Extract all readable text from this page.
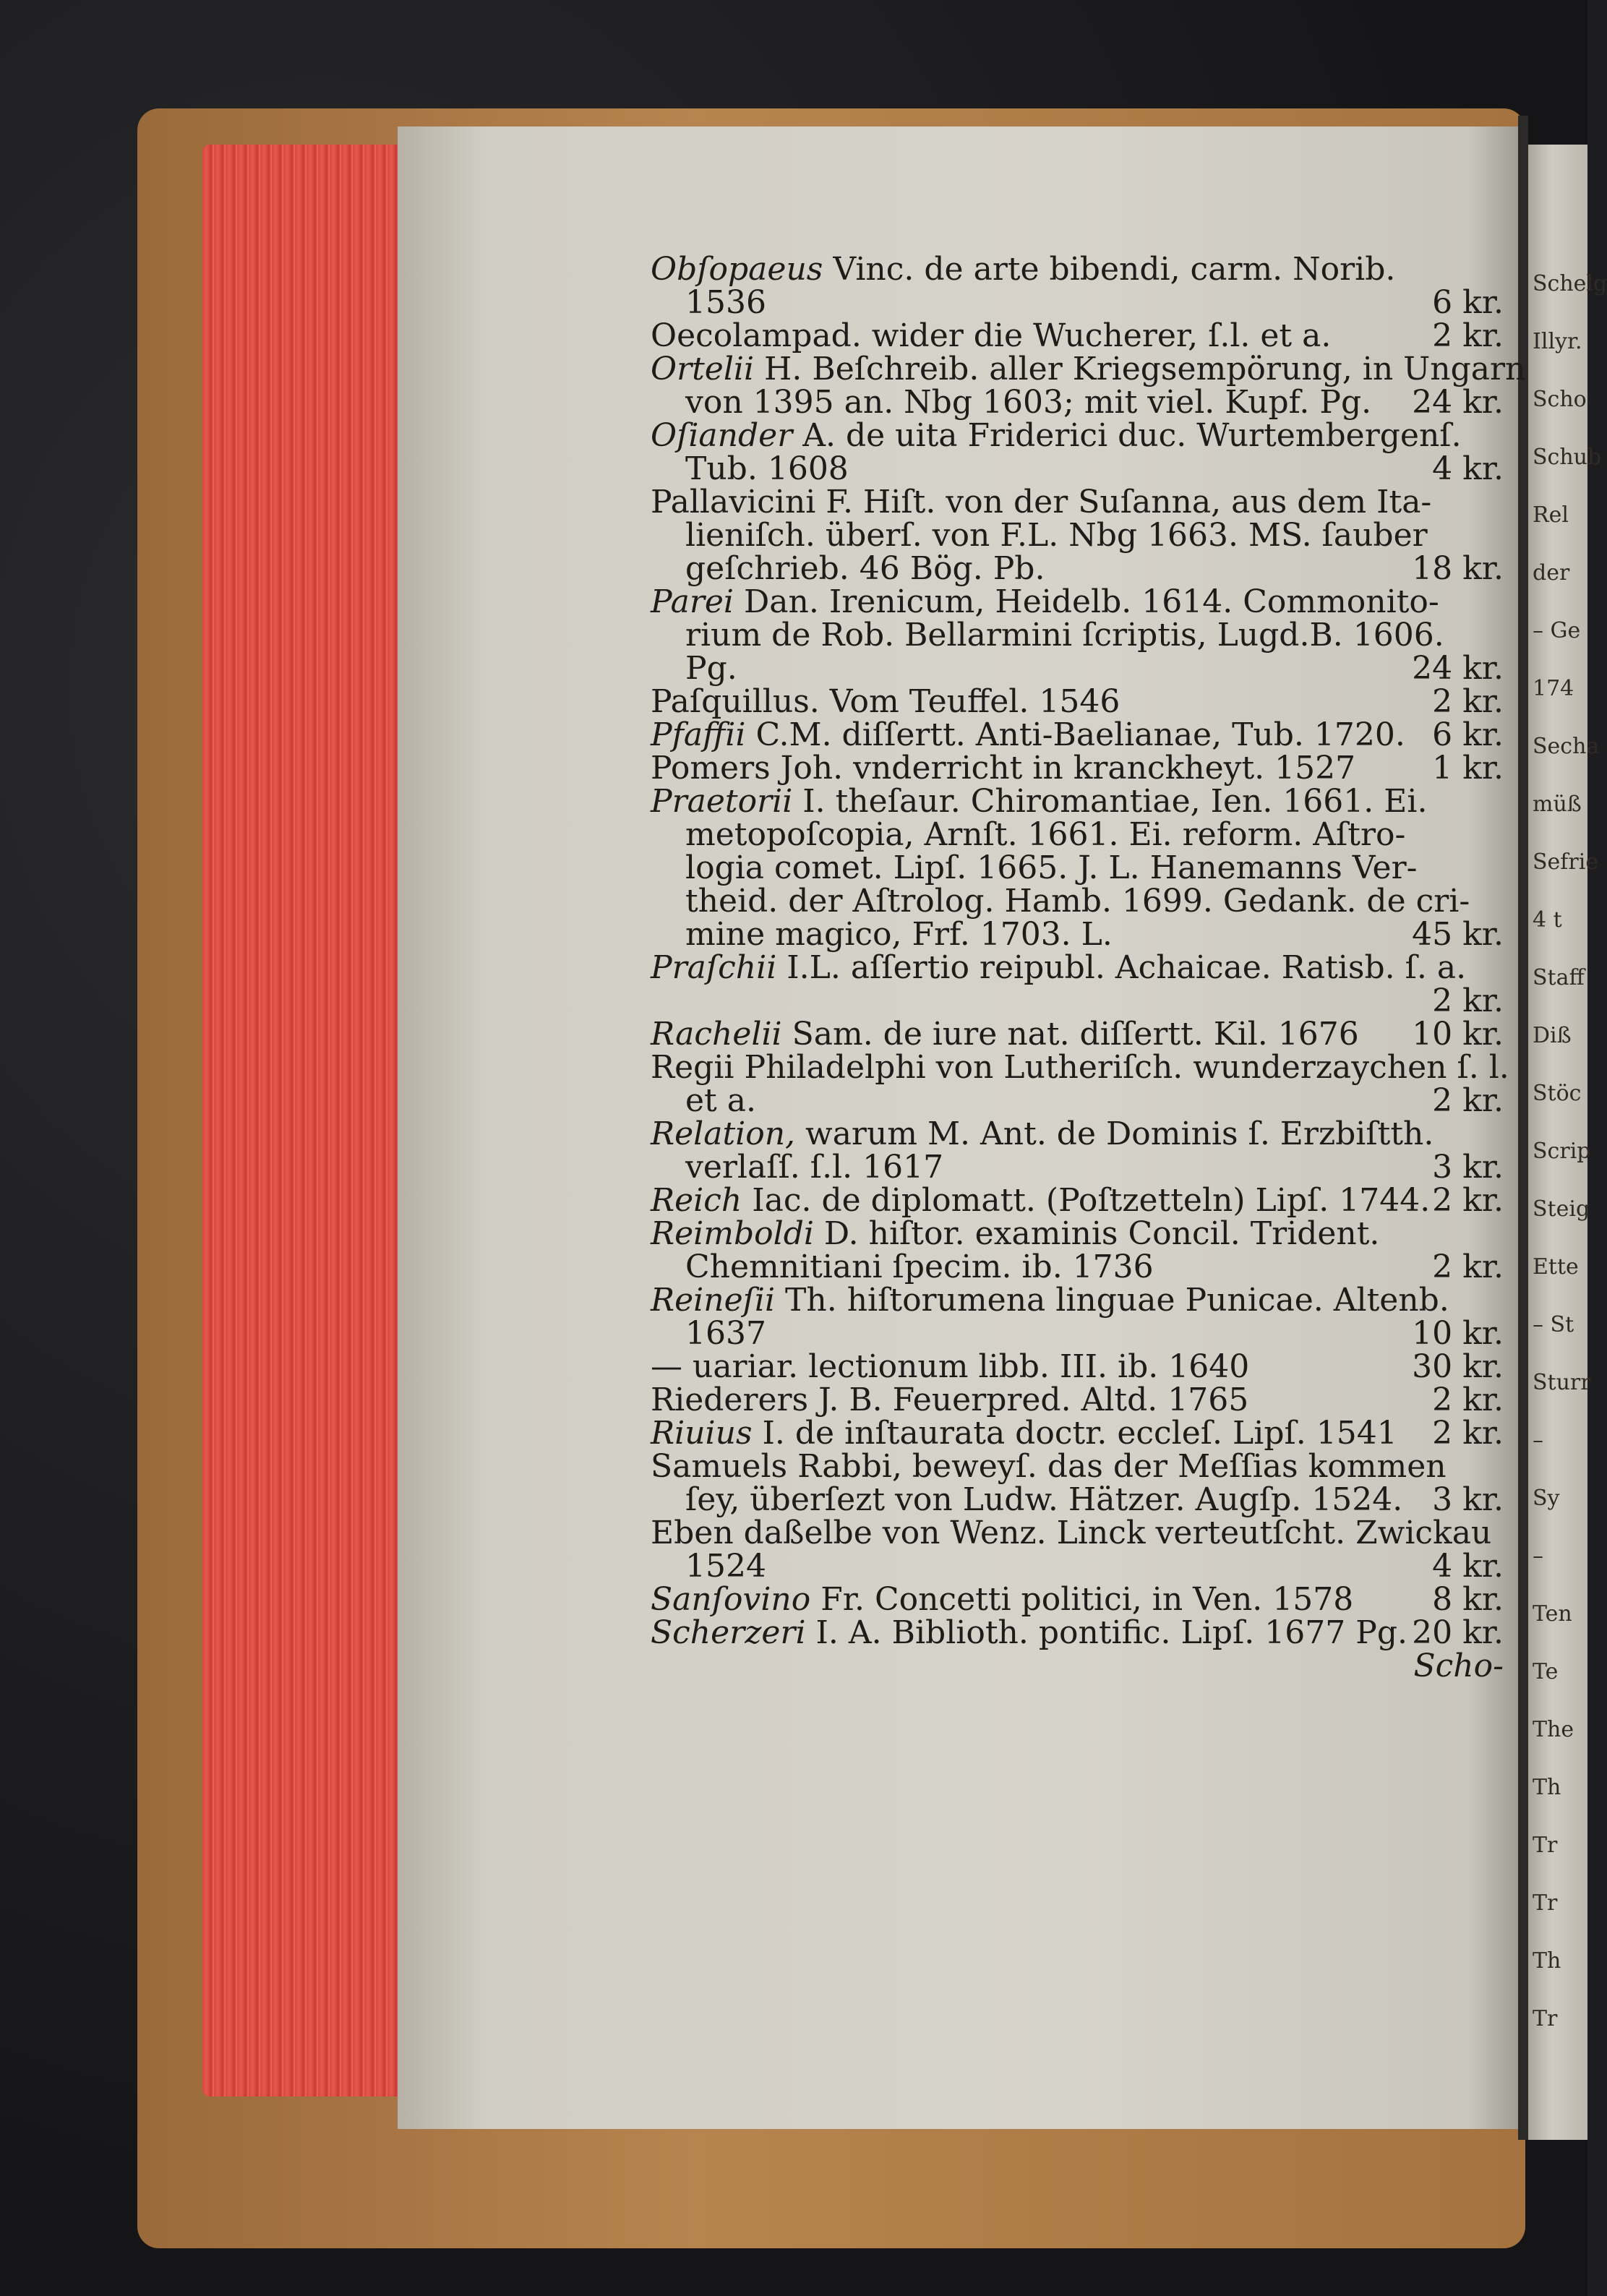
Schelg
Illyr.
Scho
Schub
Rel
der
– Ge
174
Secha
müß
Sefrie
4 t
Staff
Diß
Stöc
Scrip
Steig
Ette
– St
Sturr
–
Sy
–
Ten
Te
The
Th
Tr
Tr
Th
Tr
Obſopaeus Vinc. de arte bibendi, carm. Norib.
1536	6 kr.
Oecolampad. wider die Wucherer, ſ.l. et a.	2 kr.
Ortelii H. Beſchreib. aller Kriegsempörung, in Ungarn
von 1395 an. Nbg 1603; mit viel. Kupf. Pg. 24 kr.
Oſiander A. de uita Friderici duc. Wurtembergenſ.
Tub. 1608	4 kr.
Pallavicini F. Hiſt. von der Suſanna, aus dem Ita-
lieniſch. überſ. von F.L. Nbg 1663. MS. ſauber
geſchrieb. 46 Bög. Pb.	18 kr.
Parei Dan. Irenicum, Heidelb. 1614. Commonito-
rium de Rob. Bellarmini ſcriptis, Lugd.B. 1606.
Pg.	24 kr.
Paſquillus. Vom Teuffel. 1546	2 kr.
Pfaffii C.M. diſſertt. Anti-Baelianae, Tub. 1720. 6 kr.
Pomers Joh. vnderricht in kranckheyt. 1527 1 kr.
Praetorii I. theſaur. Chiromantiae, Ien. 1661. Ei.
metopoſcopia, Arnſt. 1661. Ei. reform. Aſtro-
logia comet. Lipſ. 1665. J. L. Hanemanns Ver-
theid. der Aſtrolog. Hamb. 1699. Gedank. de cri-
mine magico, Frf. 1703. L.	45 kr.
Praſchii I.L. aſſertio reipubl. Achaicae. Ratisb. ſ. a.
2 kr.
Rachelii Sam. de iure nat. diſſertt. Kil. 1676 10 kr.
Regii Philadelphi von Lutheriſch. wunderzaychen ſ. l.
et a.	2 kr.
Relation, warum M. Ant. de Dominis ſ. Erzbiſtth.
verlaſſ. ſ.l. 1617	3 kr.
Reich Iac. de diplomatt. (Poſtzetteln) Lipſ. 1744. 2 kr.
Reimboldi D. hiſtor. examinis Concil. Trident.
Chemnitiani ſpecim. ib. 1736	2 kr.
Reineſii Th. hiſtorumena linguae Punicae. Altenb.
1637	10 kr.
— uariar. lectionum libb. III. ib. 1640	30 kr.
Riederers J. B. Feuerpred. Altd. 1765	2 kr.
Riuius I. de inſtaurata doctr. eccleſ. Lipſ. 1541 2 kr.
Samuels Rabbi, beweyſ. das der Meſſias kommen
ſey, überſezt von Ludw. Hätzer. Augſp. 1524. 3 kr.
Eben daßelbe von Wenz. Linck verteutſcht. Zwickau
1524	4 kr.
Sanſovino Fr. Concetti politici, in Ven. 1578 8 kr.
Scherzeri I. A. Biblioth. pontific. Lipſ. 1677 Pg. 20 kr.
Scho-
